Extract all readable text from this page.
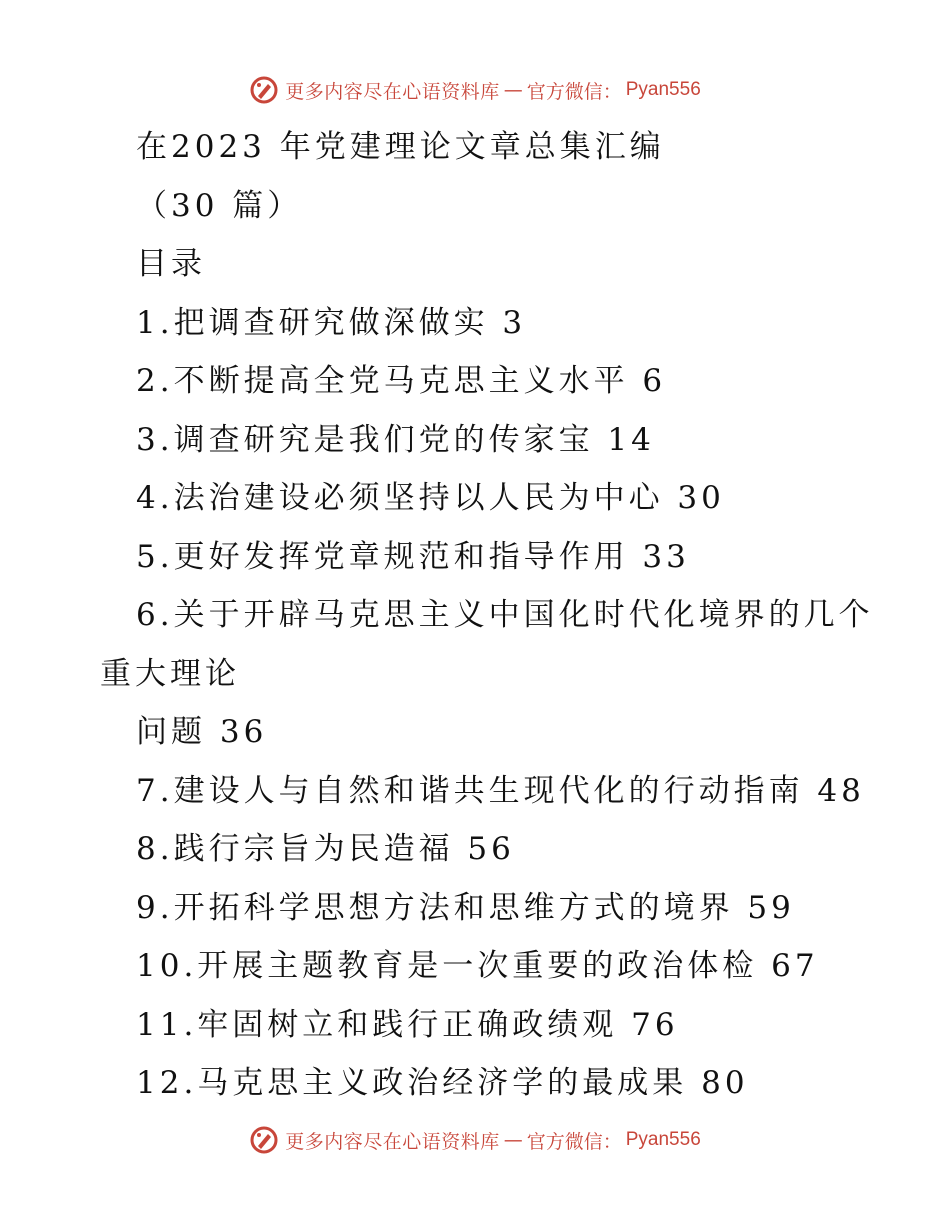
更多内容尽在心语资料库 — 官方微信： Pyan556
在2023 年党建理论文章总集汇编
（30 篇）
目录
1.把调查研究做深做实 3
2.不断提高全党马克思主义水平 6
3.调查研究是我们党的传家宝 14
4.法治建设必须坚持以人民为中心 30
5.更好发挥党章规范和指导作用 33
6.关于开辟马克思主义中国化时代化境界的几个
重大理论
问题 36
7.建设人与自然和谐共生现代化的行动指南 48
8.践行宗旨为民造福 56
9.开拓科学思想方法和思维方式的境界 59
10.开展主题教育是一次重要的政治体检 67
11.牢固树立和践行正确政绩观 76
12.马克思主义政治经济学的最成果 80
更多内容尽在心语资料库 — 官方微信： Pyan556
